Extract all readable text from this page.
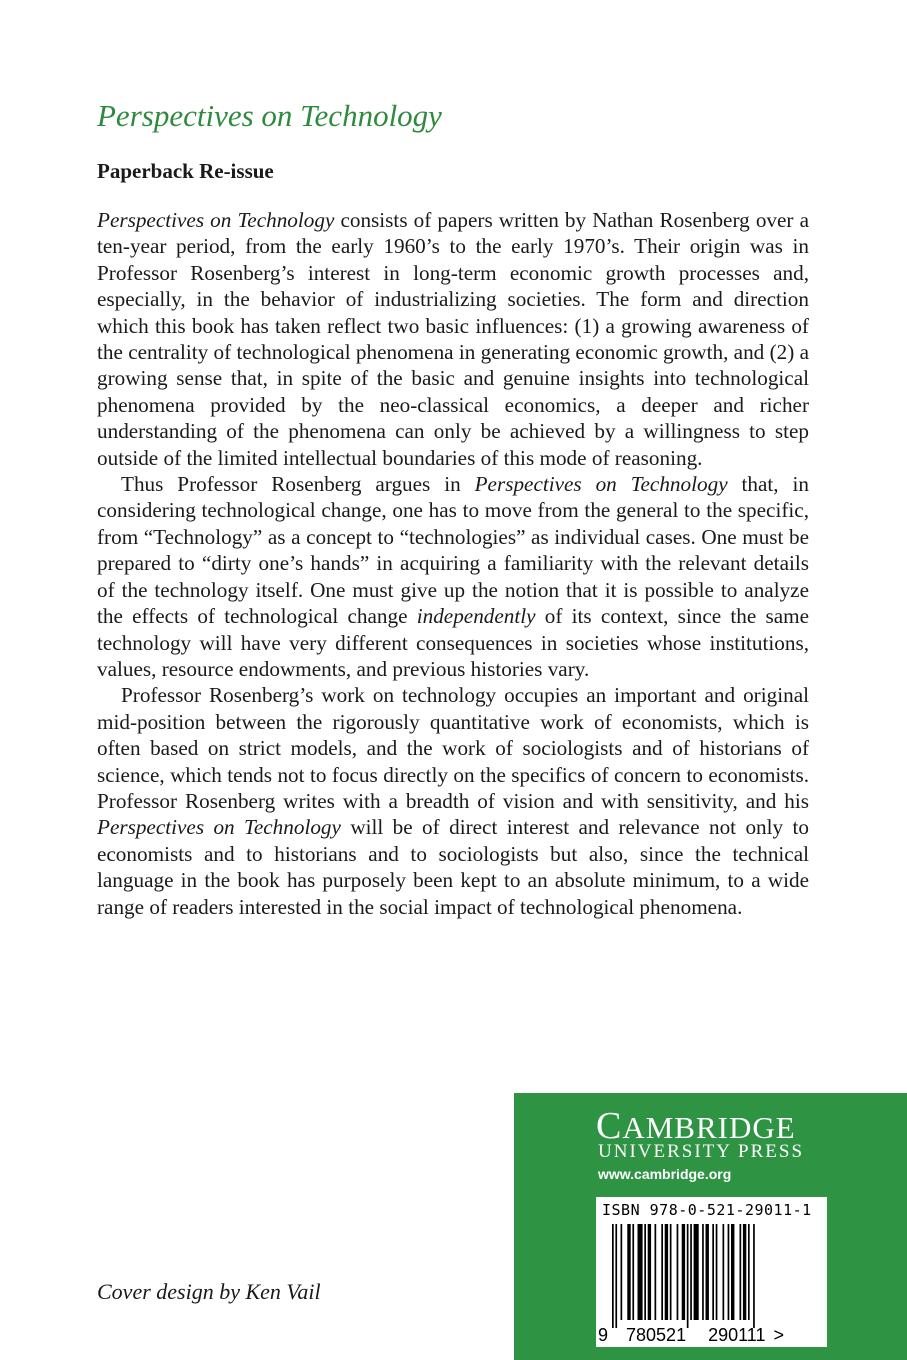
Perspectives on Technology
Paperback Re-issue

Perspectives on Technology consists of papers written by Nathan Rosenberg over a ten-year period, from the early 1960’s to the early 1970’s. Their origin was in Professor Rosenberg’s interest in long-term economic growth processes and, especially, in the behavior of industrializing societies. The form and direction which this book has taken reflect two basic influences: (1) a growing awareness of the centrality of technological phenomena in generating economic growth, and (2) a growing sense that, in spite of the basic and genuine insights into technological phenomena provided by the neo-classical economics, a deeper and richer understanding of the phenomena can only be achieved by a willingness to step outside of the limited intellectual boundaries of this mode of reasoning.

Thus Professor Rosenberg argues in Perspectives on Technology that, in considering technological change, one has to move from the general to the specific, from “Technology” as a concept to “technologies” as individual cases. One must be prepared to “dirty one’s hands” in acquiring a familiarity with the relevant details of the technology itself. One must give up the notion that it is possible to analyze the effects of technological change independently of its context, since the same technology will have very different consequences in societies whose institutions, values, resource endowments, and previous histories vary.

Professor Rosenberg’s work on technology occupies an important and original mid-position between the rigorously quantitative work of economists, which is often based on strict models, and the work of sociologists and of historians of science, which tends not to focus directly on the specifics of concern to economists. Professor Rosenberg writes with a breadth of vision and with sensitivity, and his Perspectives on Technology will be of direct interest and relevance not only to economists and to historians and to sociologists but also, since the technical language in the book has purposely been kept to an absolute minimum, to a wide range of readers interested in the social impact of technological phenomena.

Cover design by Ken Vail
CAMBRIDGE
UNIVERSITY PRESS
www.cambridge.org
ISBN 978-0-521-29011-1
9 780521 290111 >
